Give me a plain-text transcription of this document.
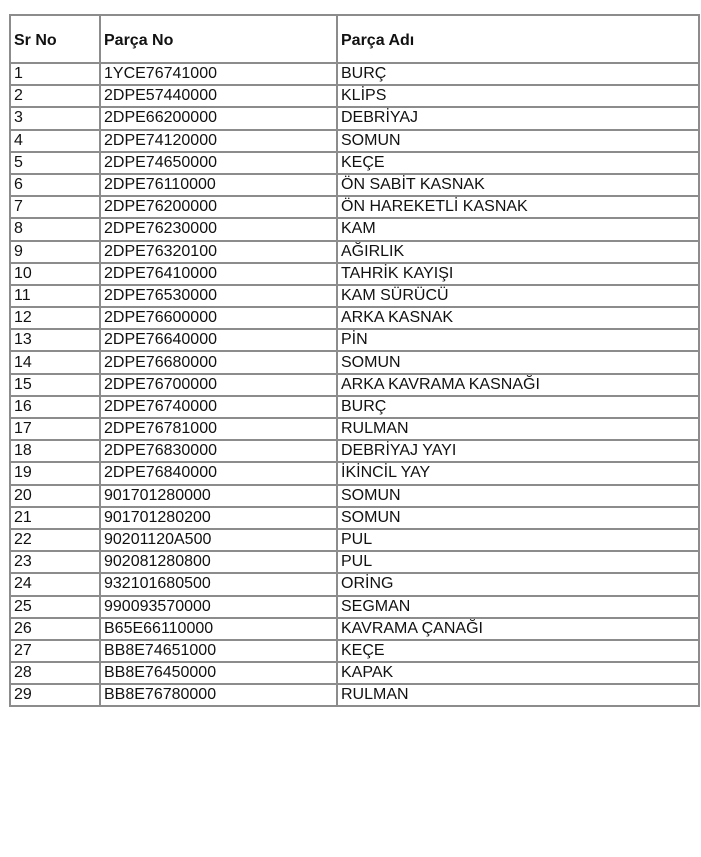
Sr No	Parça No	Parça Adı
1	1YCE76741000	BURÇ
2	2DPE57440000	KLİPS
3	2DPE66200000	DEBRİYAJ
4	2DPE74120000	SOMUN
5	2DPE74650000	KEÇE
6	2DPE76110000	ÖN SABİT KASNAK
7	2DPE76200000	ÖN HAREKETLİ KASNAK
8	2DPE76230000	KAM
9	2DPE76320100	AĞIRLIK
10	2DPE76410000	TAHRİK KAYIŞI
11	2DPE76530000	KAM SÜRÜCÜ
12	2DPE76600000	ARKA KASNAK
13	2DPE76640000	PİN
14	2DPE76680000	SOMUN
15	2DPE76700000	ARKA KAVRAMA KASNAĞI
16	2DPE76740000	BURÇ
17	2DPE76781000	RULMAN
18	2DPE76830000	DEBRİYAJ YAYI
19	2DPE76840000	İKİNCİL YAY
20	901701280000	SOMUN
21	901701280200	SOMUN
22	90201120A500	PUL
23	902081280800	PUL
24	932101680500	ORİNG
25	990093570000	SEGMAN
26	B65E66110000	KAVRAMA ÇANAĞI
27	BB8E74651000	KEÇE
28	BB8E76450000	KAPAK
29	BB8E76780000	RULMAN
